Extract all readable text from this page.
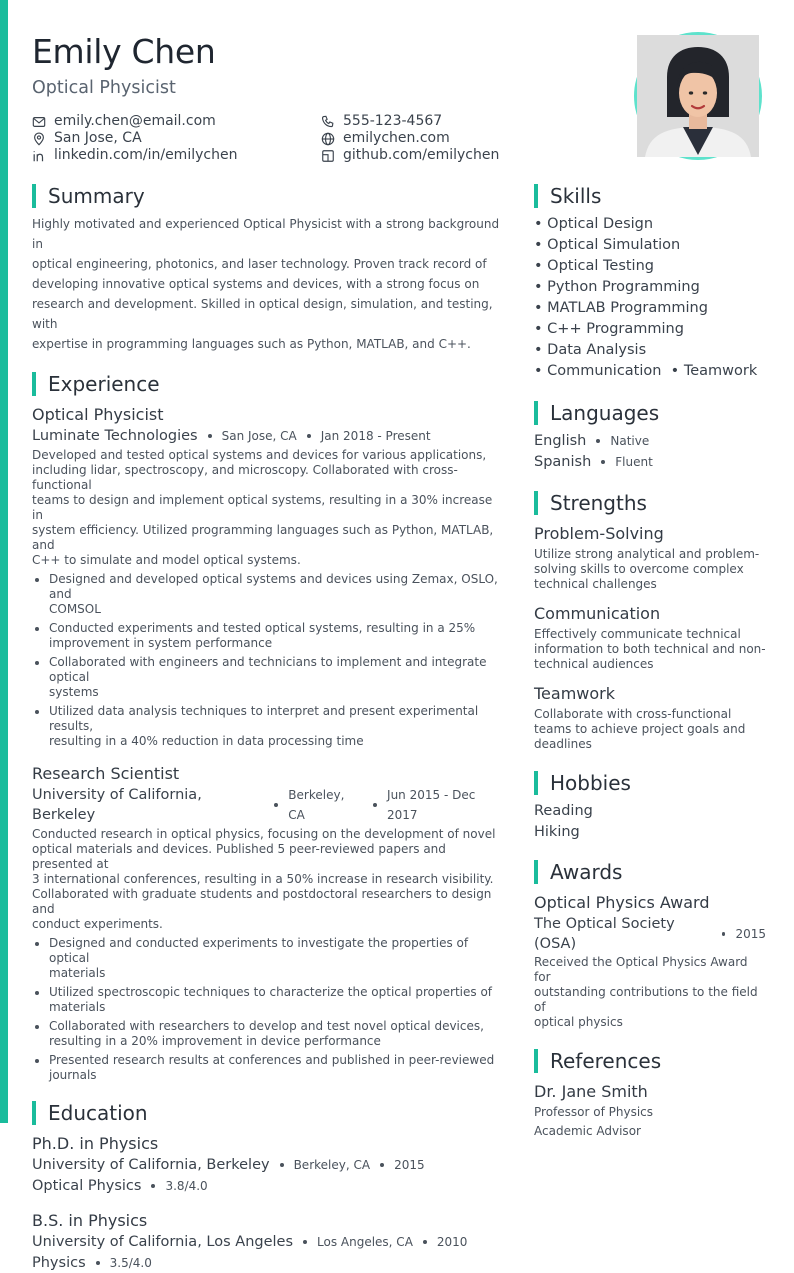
Emily Chen
Optical Physicist
emily.chen@email.com	555-123-4567
San Jose, CA	emilychen.com
linkedin.com/in/emilychen	github.com/emilychen
Summary
Highly motivated and experienced Optical Physicist with a strong background in
optical engineering, photonics, and laser technology. Proven track record of
developing innovative optical systems and devices, with a strong focus on
research and development. Skilled in optical design, simulation, and testing, with
expertise in programming languages such as Python, MATLAB, and C++.
Experience
Optical Physicist
Luminate Technologies San Jose, CA Jan 2018 - Present
Developed and tested optical systems and devices for various applications,
including lidar, spectroscopy, and microscopy. Collaborated with cross-functional
teams to design and implement optical systems, resulting in a 30% increase in
system efficiency. Utilized programming languages such as Python, MATLAB, and
C++ to simulate and model optical systems.
Designed and developed optical systems and devices using Zemax, OSLO, and
COMSOL
Conducted experiments and tested optical systems, resulting in a 25%
improvement in system performance
Collaborated with engineers and technicians to implement and integrate optical
systems
Utilized data analysis techniques to interpret and present experimental results,
resulting in a 40% reduction in data processing time
Research Scientist
University of California, Berkeley
Berkeley, CA
Jun 2015 - Dec 2017
Conducted research in optical physics, focusing on the development of novel
optical materials and devices. Published 5 peer-reviewed papers and presented at
3 international conferences, resulting in a 50% increase in research visibility.
Collaborated with graduate students and postdoctoral researchers to design and
conduct experiments.
Designed and conducted experiments to investigate the properties of optical
materials
Utilized spectroscopic techniques to characterize the optical properties of
materials
Collaborated with researchers to develop and test novel optical devices,
resulting in a 20% improvement in device performance
Presented research results at conferences and published in peer-reviewed
journals
Education
Ph.D. in Physics
University of California, Berkeley Berkeley, CA 2015
Optical Physics 3.8/4.0
B.S. in Physics
University of California, Los Angeles Los Angeles, CA 2010
Physics 3.5/4.0
Skills
• Optical Design
• Optical Simulation
• Optical Testing
• Python Programming
• MATLAB Programming
• C++ Programming
• Data Analysis
• Communication  • Teamwork
Languages
English Native
Spanish Fluent
Strengths
Problem-Solving
Utilize strong analytical and problem-
solving skills to overcome complex
technical challenges
Communication
Effectively communicate technical
information to both technical and non-
technical audiences
Teamwork
Collaborate with cross-functional
teams to achieve project goals and
deadlines
Hobbies
Reading
Hiking
Awards
Optical Physics Award
The Optical Society (OSA)
2015
Received the Optical Physics Award for
outstanding contributions to the field of
optical physics
References
Dr. Jane Smith
Professor of Physics
Academic Advisor
